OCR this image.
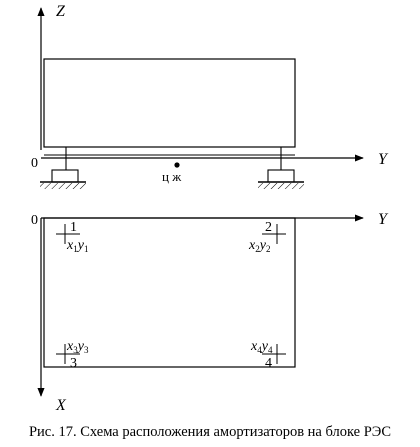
Z
Y
0
ц ж
Y
0
X
1
$x_1y_1$
2
$x_2y_2$
$x_3y_3$
3
$x_4y_4$
4
Рис. 17. Схема расположения амортизаторов на блоке РЭС
